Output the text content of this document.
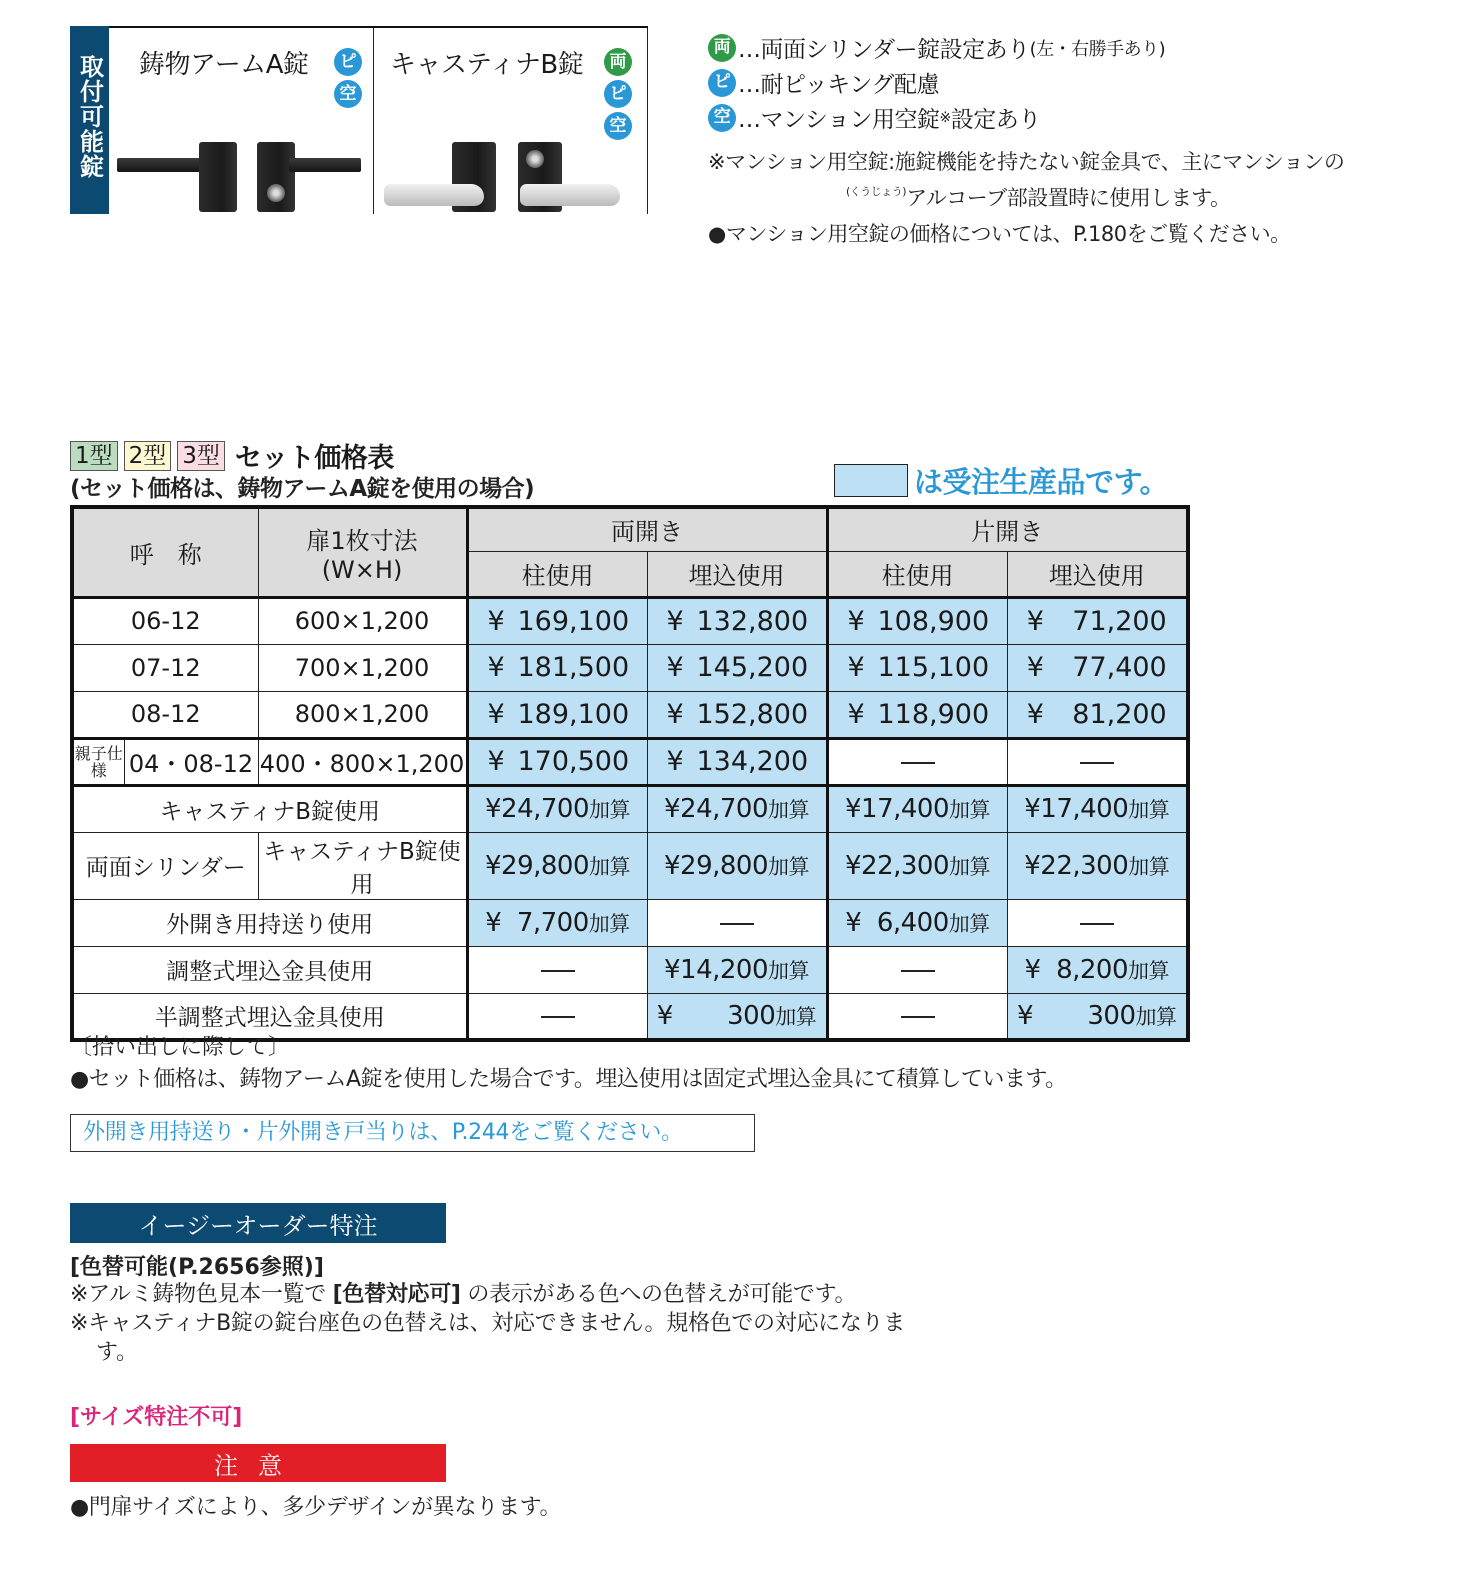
取付可能錠 鋳物アームA錠	ピ
空
キャスティナB錠	両
ピ
空
両 …両面シリンダー錠設定あり (左・右勝手あり)
ピ …耐ピッキング配慮
空 …マンション用空錠 ※ 設定あり
※マンション用空錠:施錠機能を持たない錠金具で、主にマンションの
$^{(くうじょう)}$アルコーブ部設置時に使用します。
●マンション用空錠の価格については、P.180をご覧ください。
1型 2型 3型 セット価格表
(セット価格は、鋳物アームA錠を使用の場合)	は受注生産品です。
呼　称		扉1枚寸法
(W×H)	両開き		片開き	
			柱使用	埋込使用	柱使用	埋込使用
06-12		600×1,200	¥ 169,100	¥ 132,800	¥ 108,900	¥ 71,200
07-12		700×1,200	¥ 181,500	¥ 145,200	¥ 115,100	¥ 77,400
08-12		800×1,200	¥ 189,100	¥ 152,800	¥ 118,900	¥ 81,200
親子仕様	04・08-12	400・800×1,200	¥ 170,500	¥ 134,200		
キャスティナB錠使用			¥24,700加算	¥24,700加算	¥17,400加算	¥17,400加算
両面シリンダー		キャスティナB錠使用	¥29,800加算	¥29,800加算	¥22,300加算	¥22,300加算
外開き用持送り使用			¥ 7,700加算		¥ 6,400加算	
調整式埋込金具使用				¥14,200加算		¥ 8,200加算
半調整式埋込金具使用				¥ 300加算		¥ 300加算
〔拾い出しに際して〕
●セット価格は、鋳物アームA錠を使用した場合です。埋込使用は固定式埋込金具にて積算しています。
外開き用持送り・片外開き戸当りは、P.244をご覧ください。
イージーオーダー特注
[色替可能(P.2656参照)]

※アルミ鋳物色見本一覧で [色替対応可] の表示がある色への色替えが可能です。

※キャスティナB錠の錠台座色の色替えは、対応できません。規格色での対応になります。

[サイズ特注不可]
注意
●門扉サイズにより、多少デザインが異なります。
